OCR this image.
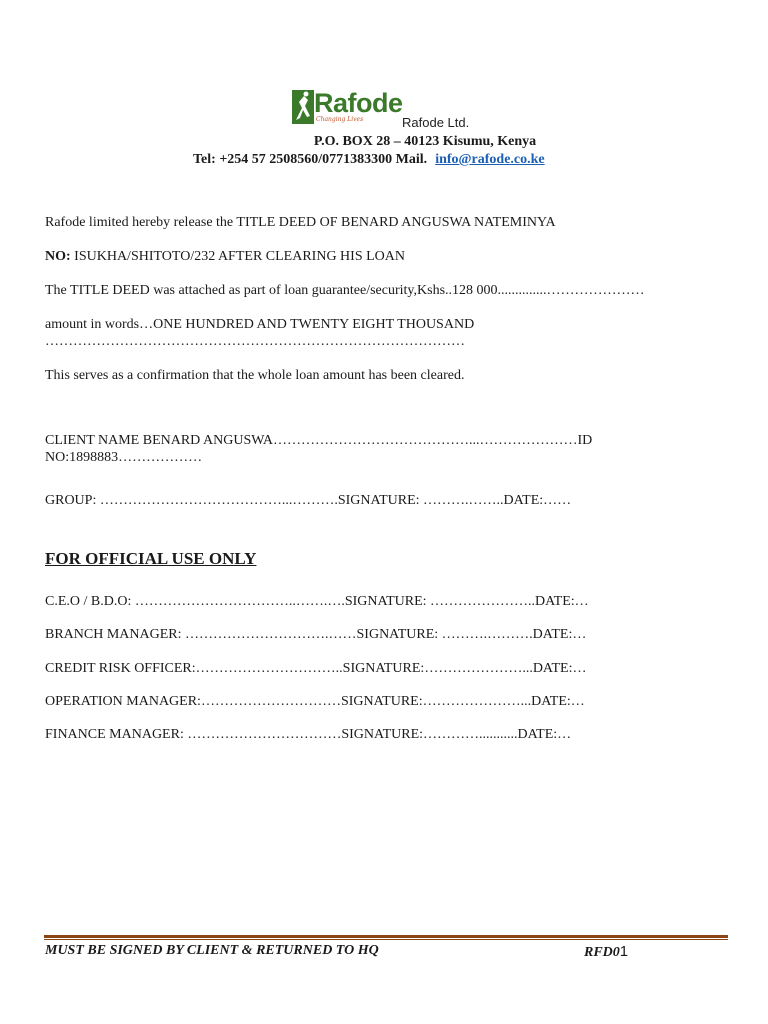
Rafode
Changing Lives	Rafode Ltd.
P.O. BOX 28 – 40123 Kisumu, Kenya
Tel: +254 57 2508560/0771383300 Mail. info@rafode.co.ke
Rafode limited hereby release the TITLE DEED OF BENARD ANGUSWA NATEMINYA
NO: ISUKHA/SHITOTO/232 AFTER CLEARING HIS LOAN
The TITLE DEED was attached as part of loan guarantee/security,Kshs..128 000..............…………………
amount in words…ONE HUNDRED AND TWENTY EIGHT THOUSAND ………………………………………………………………………………
This serves as a confirmation that the whole loan amount has been cleared.
CLIENT NAME BENARD ANGUSWA……………………………………...…………………ID NO:1898883………………
GROUP: …………………………………...……….SIGNATURE: ……….……..DATE:……
FOR OFFICIAL USE ONLY
C.E.O / B.D.O: ……………………………..…….….SIGNATURE: …………………..DATE:…
BRANCH MANAGER: ………………………….……SIGNATURE: ……….……….DATE:…
CREDIT RISK OFFICER:…………………………..SIGNATURE:…………………...DATE:…
OPERATION MANAGER:…………………………SIGNATURE:…………………...DATE:…
FINANCE MANAGER: ……………………………SIGNATURE:…………...........DATE:…
MUST BE SIGNED BY CLIENT & RETURNED TO HQ	RFD01
